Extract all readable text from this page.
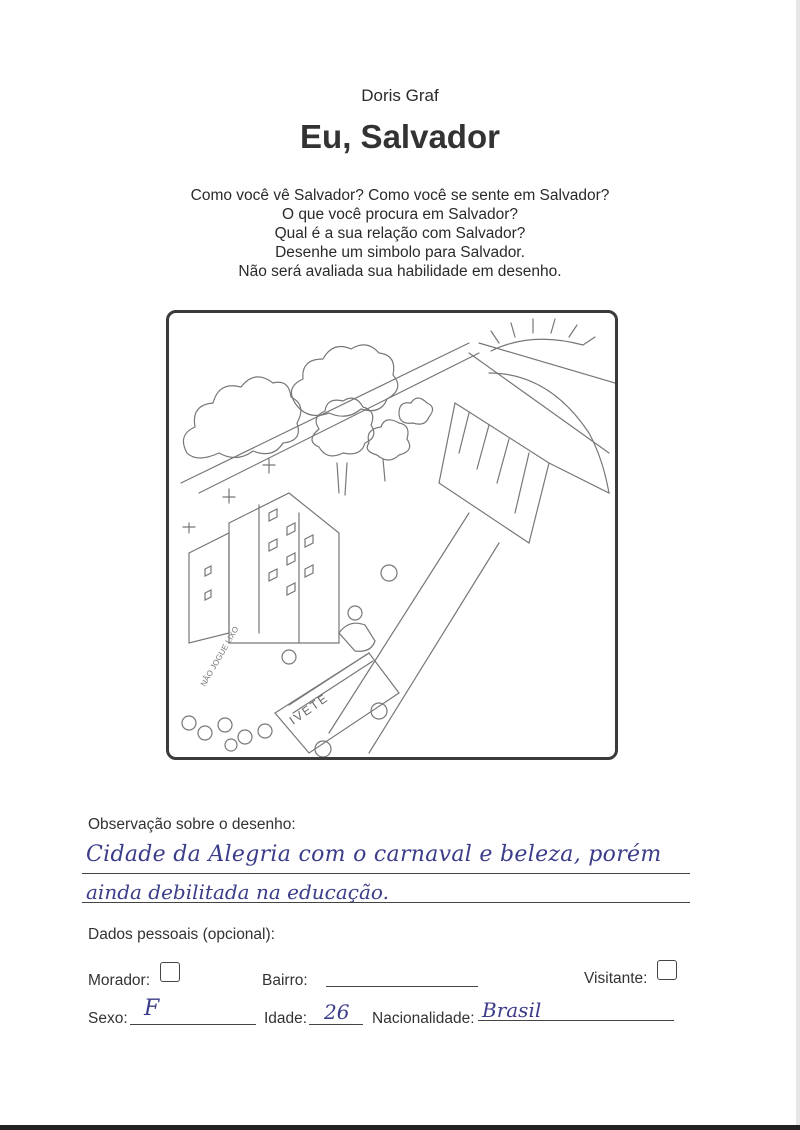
Doris Graf
Eu, Salvador
Como você vê Salvador? Como você se sente em Salvador?
O que você procura em Salvador?
Qual é a sua relação com Salvador?
Desenhe um simbolo para Salvador.
Não será avaliada sua habilidade em desenho.
IVETE
NÃO JOGUE LIXO
Observação sobre o desenho:
Cidade da Alegria com o carnaval e beleza, porém
ainda debilitada na educação.
Dados pessoais (opcional):
Morador:	Bairro:	Visitante:
Sexo: F	Idade: 26 Nacionalidade: Brasil
